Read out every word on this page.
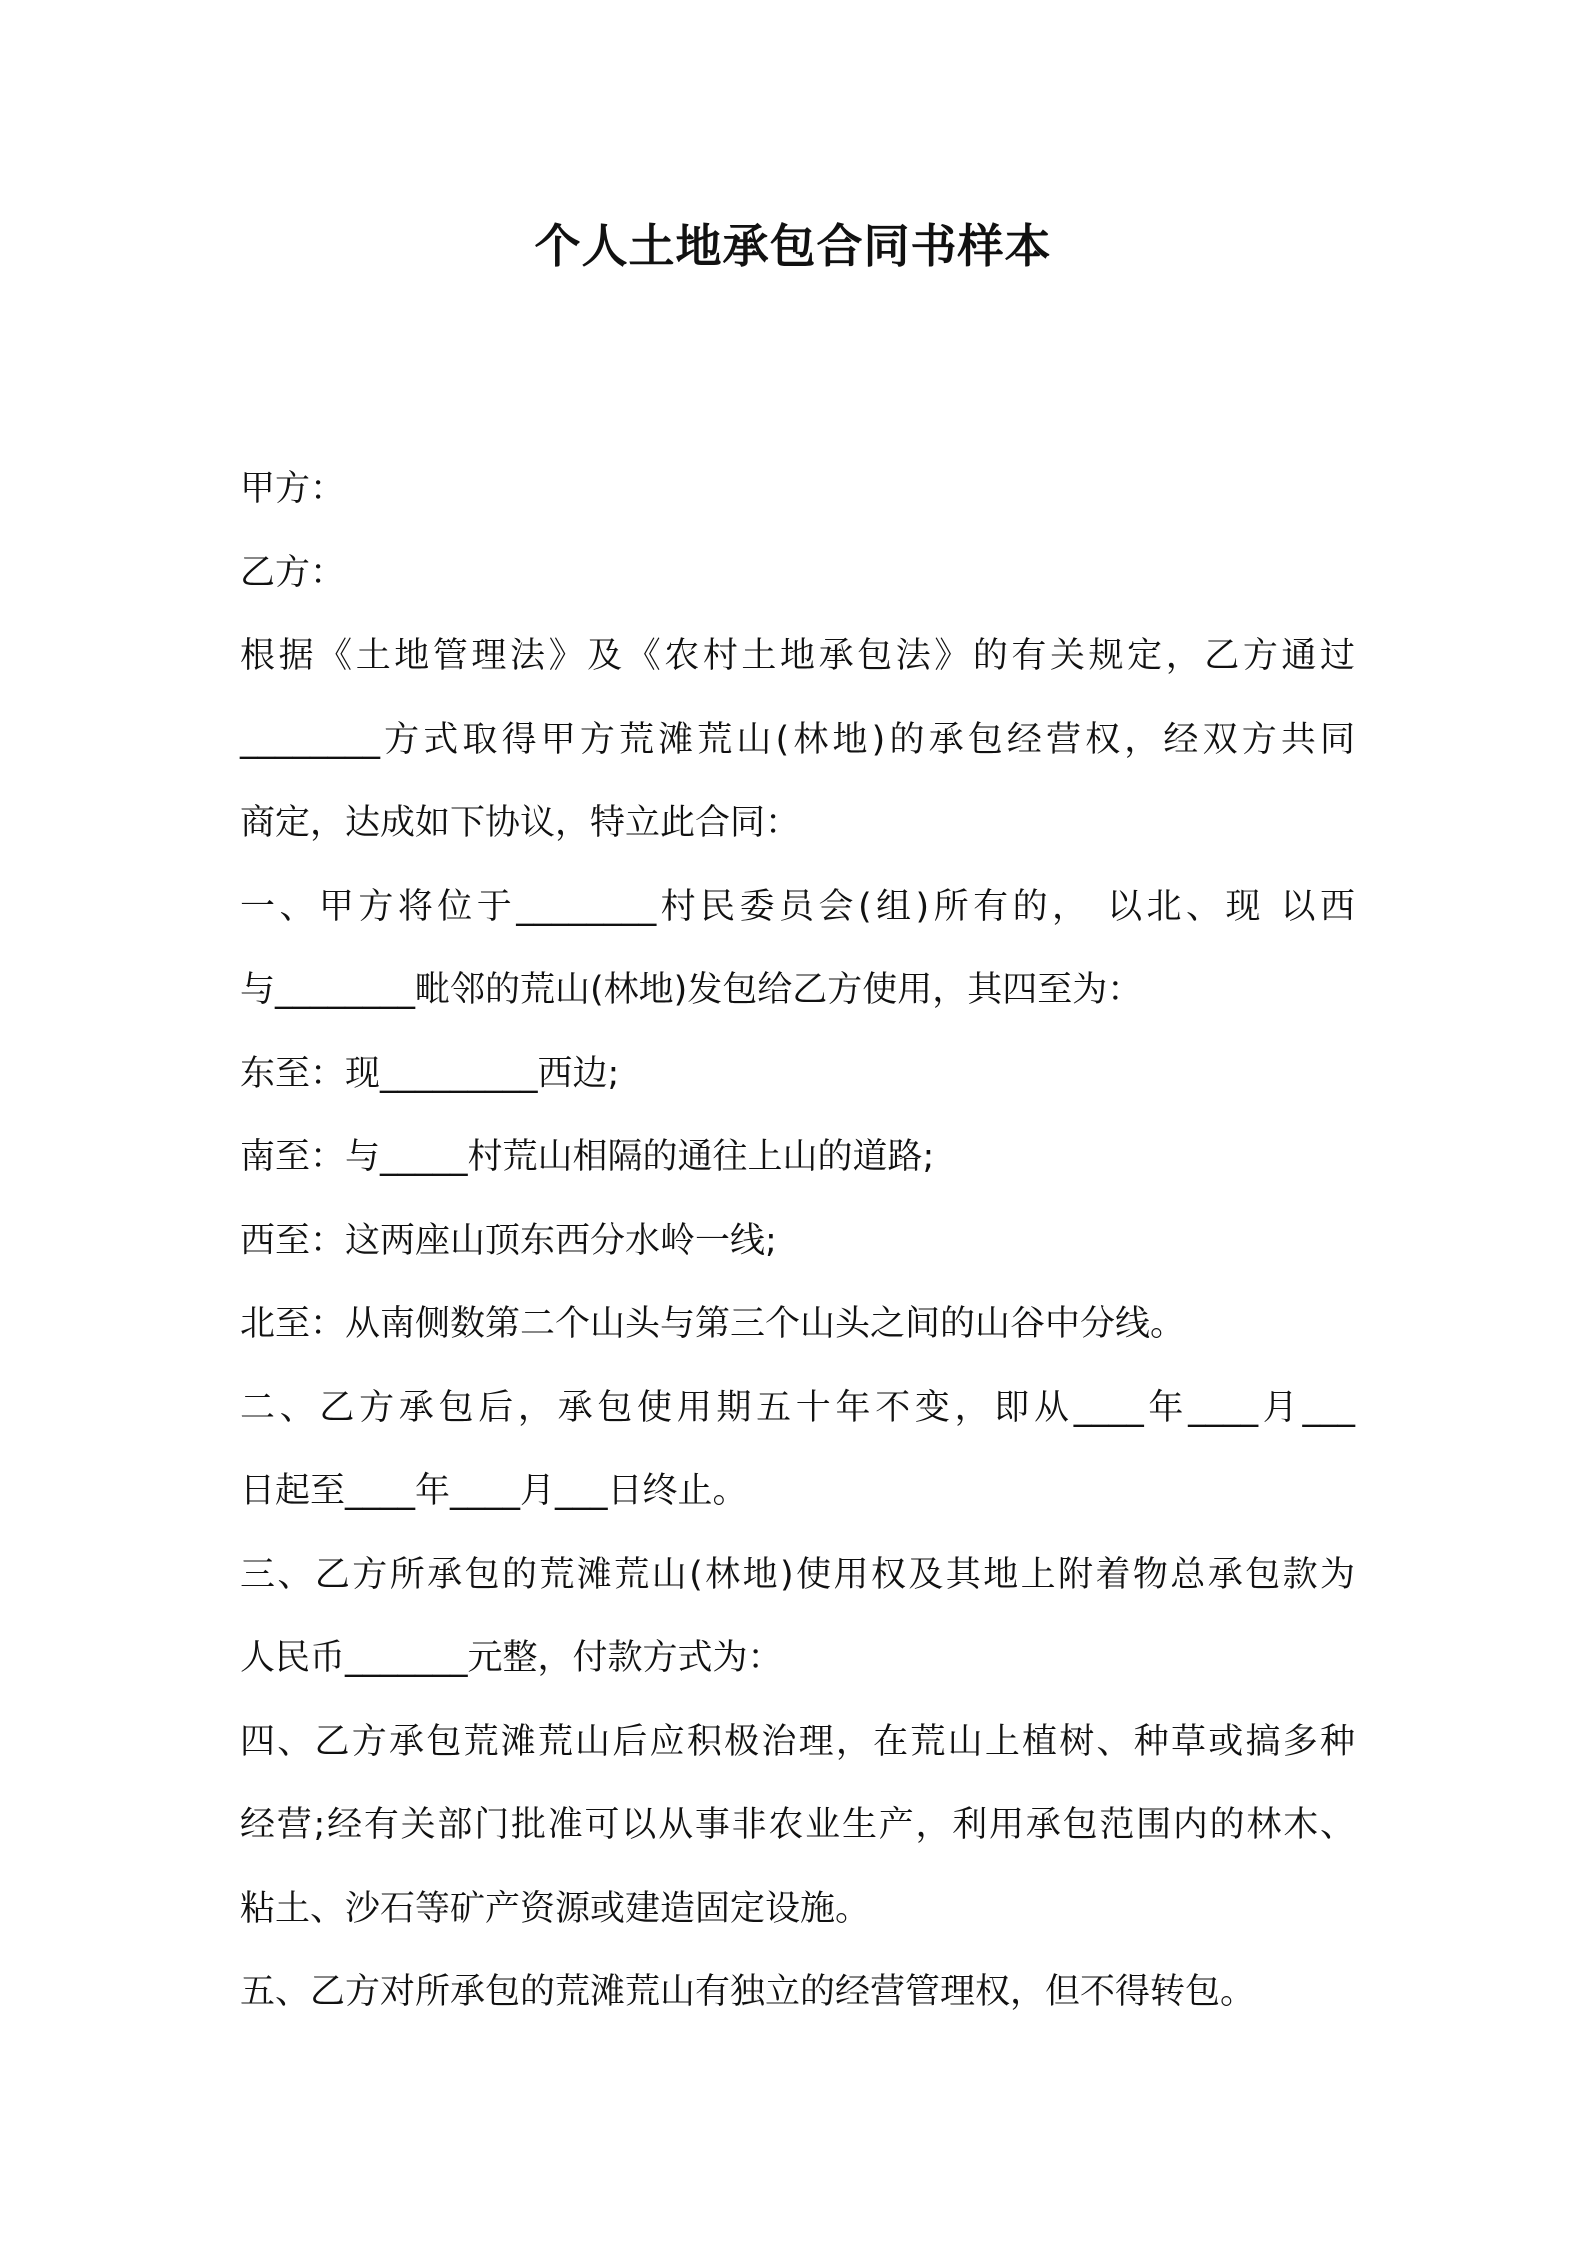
个人土地承包合同书样本

甲方：

乙方：

根据《土地管理法》及《农村土地承包法》的有关规定，乙方通过

________方式取得甲方荒滩荒山(林地)的承包经营权，经双方共同

商定，达成如下协议，特立此合同：

一、甲方将位于________村民委员会(组)所有的， 以北、现 以西

与________毗邻的荒山(林地)发包给乙方使用，其四至为：

东至：现_________西边;

南至：与_____村荒山相隔的通往上山的道路;

西至：这两座山顶东西分水岭一线;

北至：从南侧数第二个山头与第三个山头之间的山谷中分线。

二、乙方承包后，承包使用期五十年不变，即从____年____月___

日起至____年____月___日终止。

三、乙方所承包的荒滩荒山(林地)使用权及其地上附着物总承包款为

人民币_______元整，付款方式为：

四、乙方承包荒滩荒山后应积极治理，在荒山上植树、种草或搞多种

经营;经有关部门批准可以从事非农业生产，利用承包范围内的林木、

粘土、沙石等矿产资源或建造固定设施。

五、乙方对所承包的荒滩荒山有独立的经营管理权，但不得转包。
